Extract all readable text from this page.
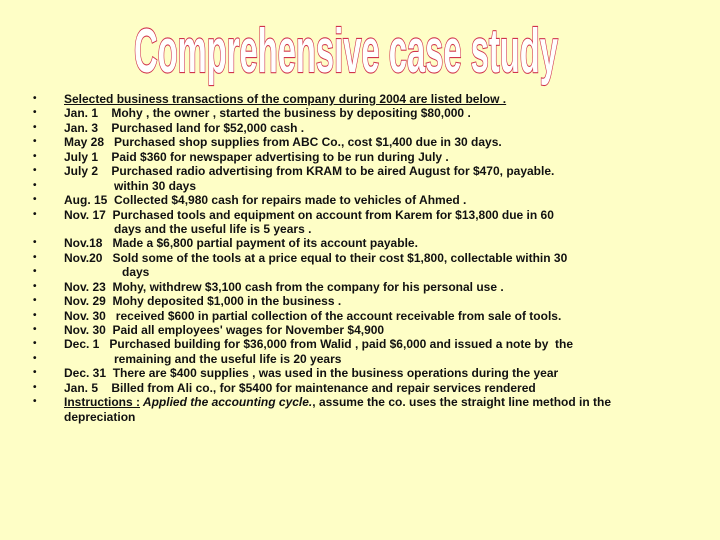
Comprehensive case study
• Selected business transactions of the company during 2004 are listed below .
• Jan. 1    Mohy , the owner , started the business by depositing $80,000 .
• Jan. 3    Purchased land for $52,000 cash .
• May 28   Purchased shop supplies from ABC Co., cost $1,400 due in 30 days.
• July 1    Paid $360 for newspaper advertising to be run during July .
• July 2    Purchased radio advertising from KRAM to be aired August for $470, payable.
•	within 30 days
• Aug. 15  Collected $4,980 cash for repairs made to vehicles of Ahmed .
• Nov. 17  Purchased tools and equipment on account from Karem for $13,800 due in 60
days and the useful life is 5 years .
• Nov.18   Made a $6,800 partial payment of its account payable.
• Nov.20   Sold some of the tools at a price equal to their cost $1,800, collectable within 30
•	days
• Nov. 23  Mohy, withdrew $3,100 cash from the company for his personal use .
• Nov. 29  Mohy deposited $1,000 in the business .
• Nov. 30   received $600 in partial collection of the account receivable from sale of tools.
• Nov. 30  Paid all employees' wages for November $4,900
• Dec. 1   Purchased building for $36,000 from Walid , paid $6,000 and issued a note by  the
•	remaining and the useful life is 20 years
• Dec. 31  There are $400 supplies , was used in the business operations during the year
• Jan. 5    Billed from Ali co., for $5400 for maintenance and repair services rendered
• Instructions : Applied the accounting cycle., assume the co. uses the straight line method in the
depreciation
